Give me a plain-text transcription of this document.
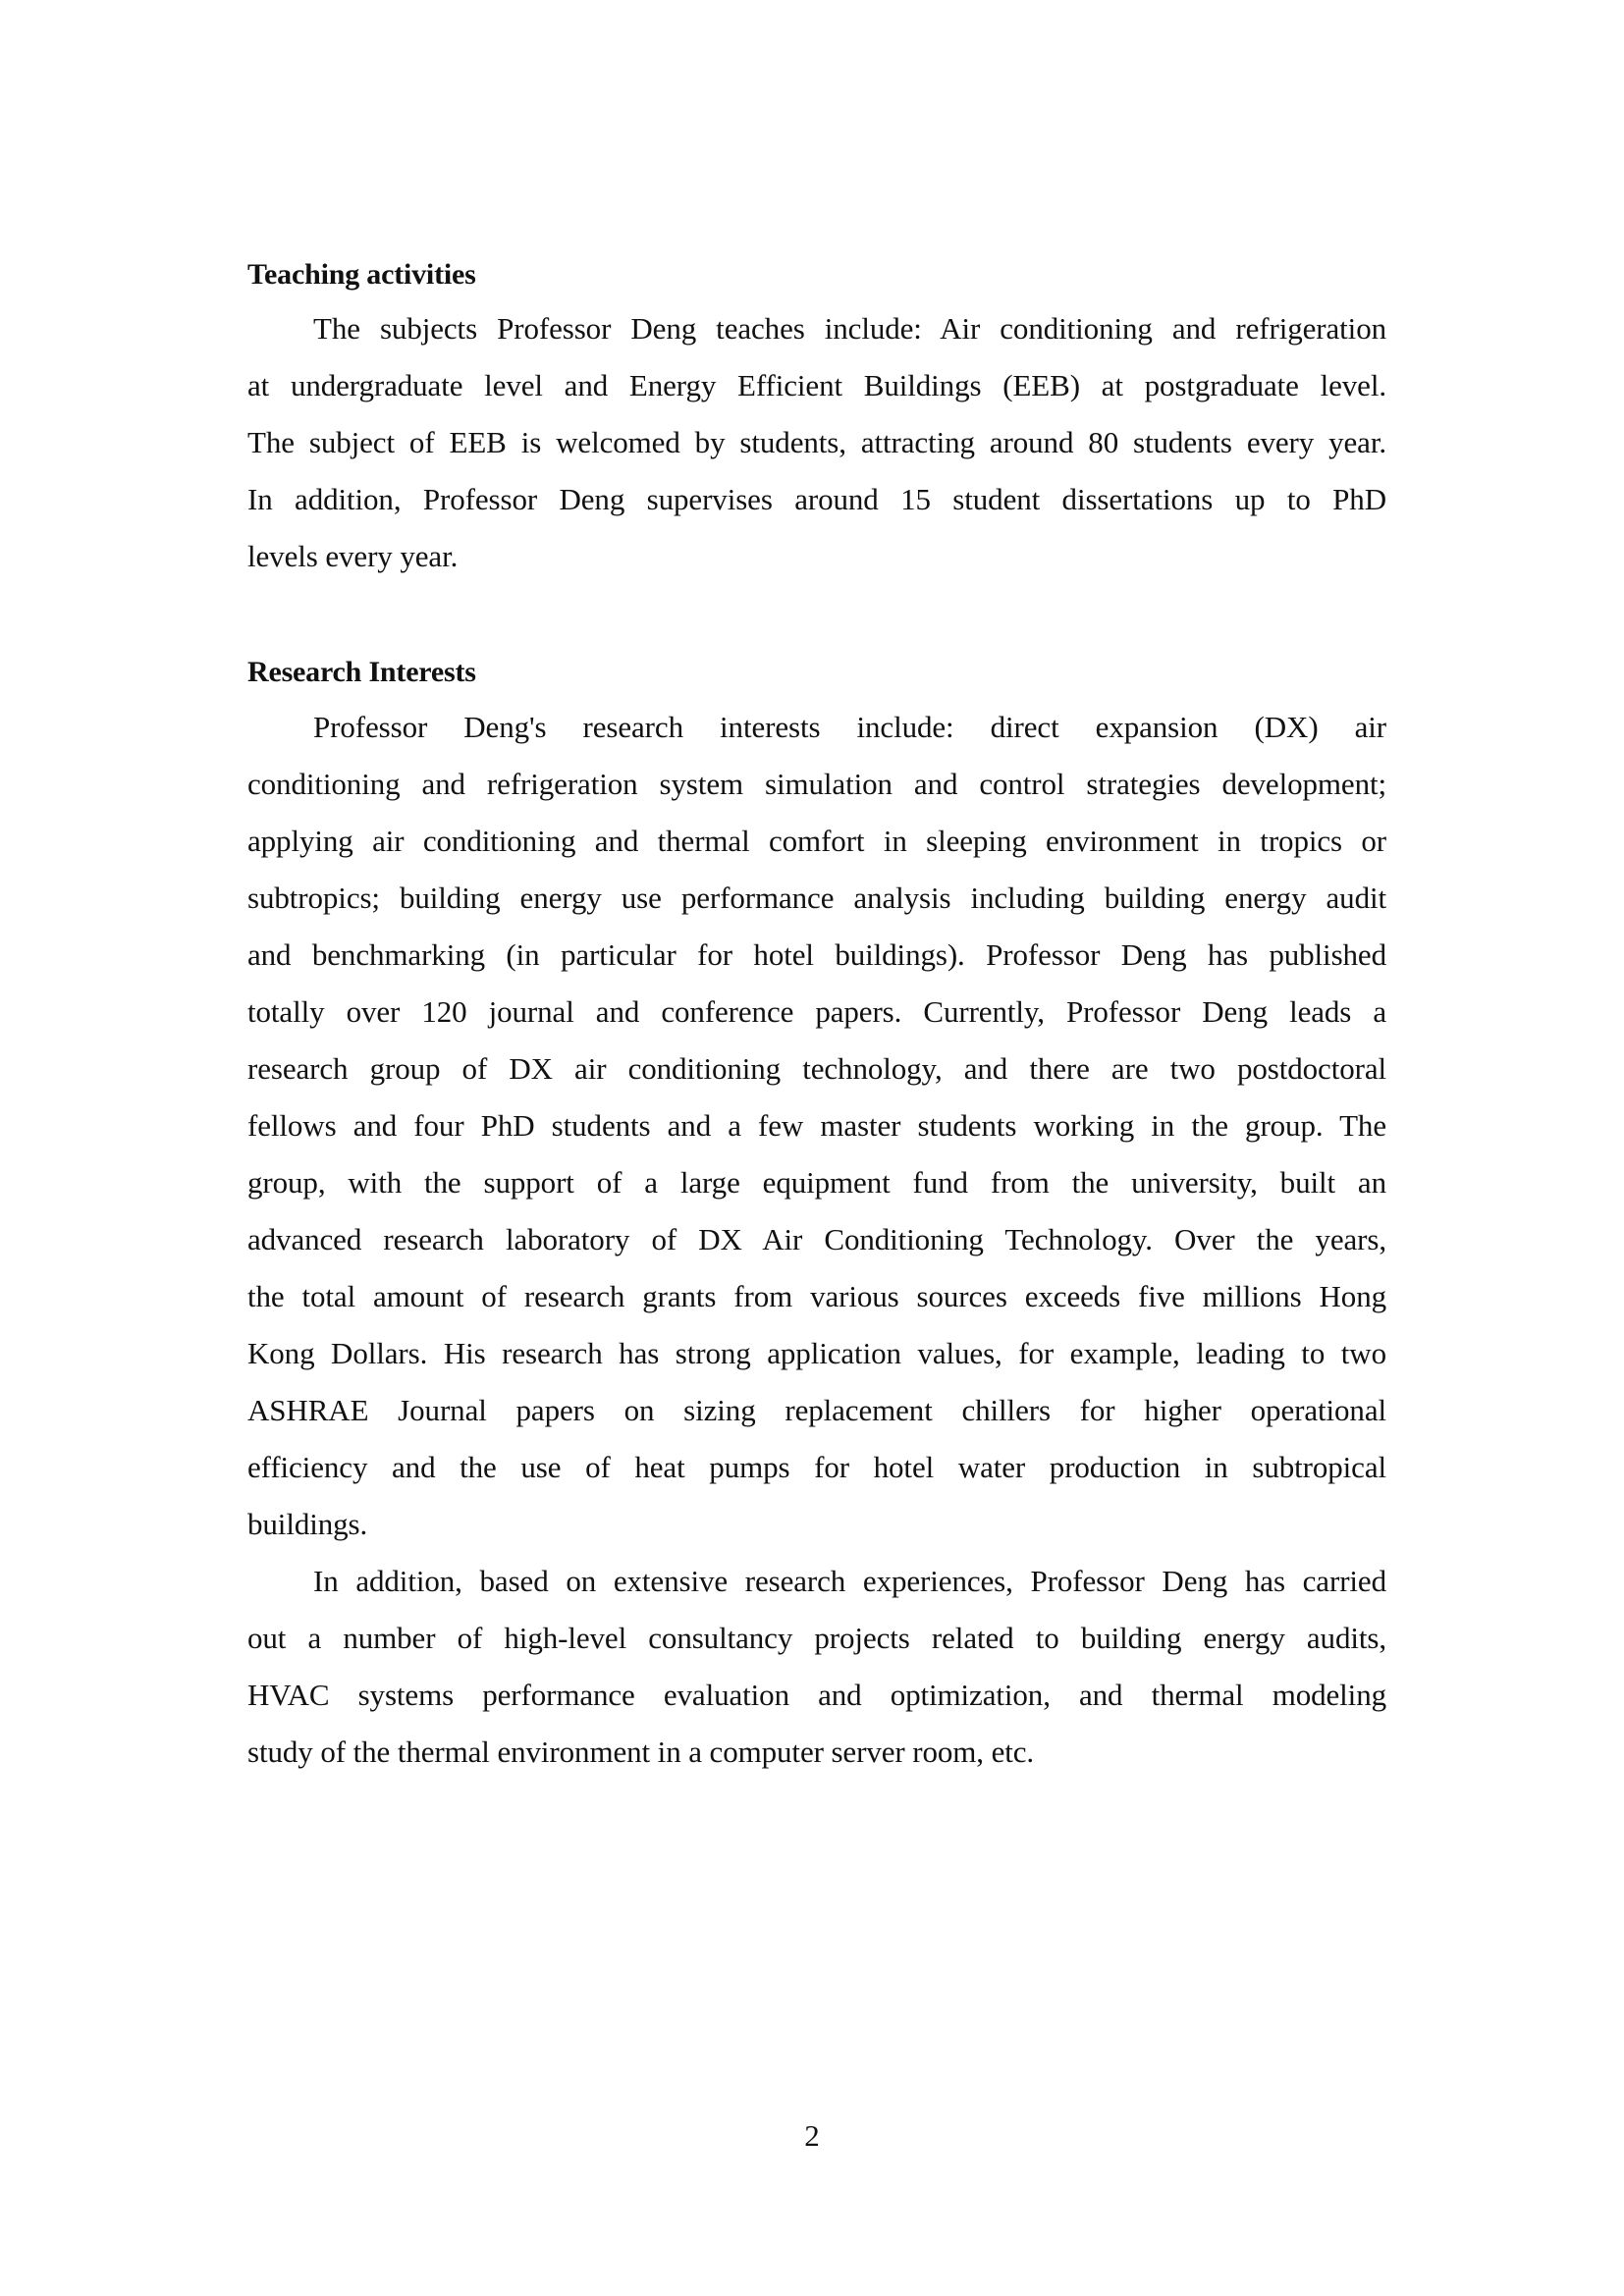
Teaching activities
The subjects Professor Deng teaches include: Air conditioning and refrigeration
at undergraduate level and Energy Efficient Buildings (EEB) at postgraduate level.
The subject of EEB is welcomed by students, attracting around 80 students every year.
In addition, Professor Deng supervises around 15 student dissertations up to PhD
levels every year.
Research Interests
Professor Deng's research interests include: direct expansion (DX) air
conditioning and refrigeration system simulation and control strategies development;
applying air conditioning and thermal comfort in sleeping environment in tropics or
subtropics; building energy use performance analysis including building energy audit
and benchmarking (in particular for hotel buildings). Professor Deng has published
totally over 120 journal and conference papers. Currently, Professor Deng leads a
research group of DX air conditioning technology, and there are two postdoctoral
fellows and four PhD students and a few master students working in the group. The
group, with the support of a large equipment fund from the university, built an
advanced research laboratory of DX Air Conditioning Technology. Over the years,
the total amount of research grants from various sources exceeds five millions Hong
Kong Dollars. His research has strong application values, for example, leading to two
ASHRAE Journal papers on sizing replacement chillers for higher operational
efficiency and the use of heat pumps for hotel water production in subtropical
buildings.
In addition, based on extensive research experiences, Professor Deng has carried
out a number of high-level consultancy projects related to building energy audits,
HVAC systems performance evaluation and optimization, and thermal modeling
study of the thermal environment in a computer server room, etc.
2
